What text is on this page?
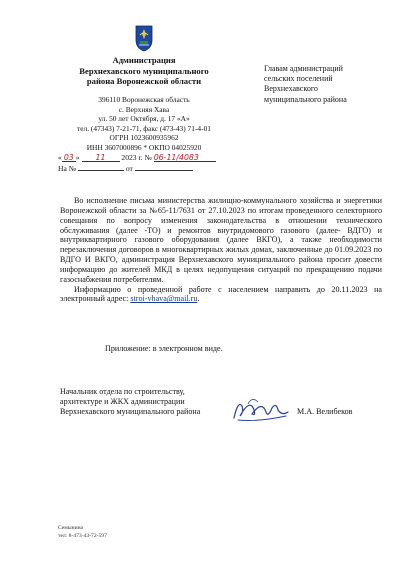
Администрация
Верхнехавского муниципального
района Воронежской области
396110 Воронежская область
с. Верхняя Хава
ул. 50 лет Октября, д. 17 «А»
тел. (47343) 7-21-71, факс (473-43) 71-4-01
ОГРН 1023600935962
ИНН 3607000896 * ОКПО 04025920
« 03 » 11 2023 г. № 06-11/4083
На №	от
Главам администраций
сельских поселений
Верхнехавского
муниципального района

Во исполнение письма министерства жилищно-коммунального хозяйства и энергетики Воронежской области за №65-11/7631 от 27.10.2023 по итогам проведенного селекторного совещания по вопросу изменения законодательства в отношении технического обслуживания (далее -ТО) и ремонтов внутридомового газового (далее- ВДГО) и внутриквартирного газового оборудования (далее ВКГО), а также необходимости перезаключения договоров в многоквартирных жилых домах, заключенные до 01.09.2023 по ВДГО И ВКГО, администрация Верхнехавского муниципального района просит довести информацию до жителей МКД в целях недопущения ситуаций по прекращению подачи газоснабжения потребителям.

Информацию о проведенной работе с населением направить до 20.11.2023 на электронный адрес: stroi-vhava@mail.ru.

Приложение: в электронном виде.
Начальник отдела по строительству,
архитектуре и ЖКХ администрации
Верхнехавского муниципального района	М.А. Велибеков
Семынина
тел: 8-473-43-72-597
